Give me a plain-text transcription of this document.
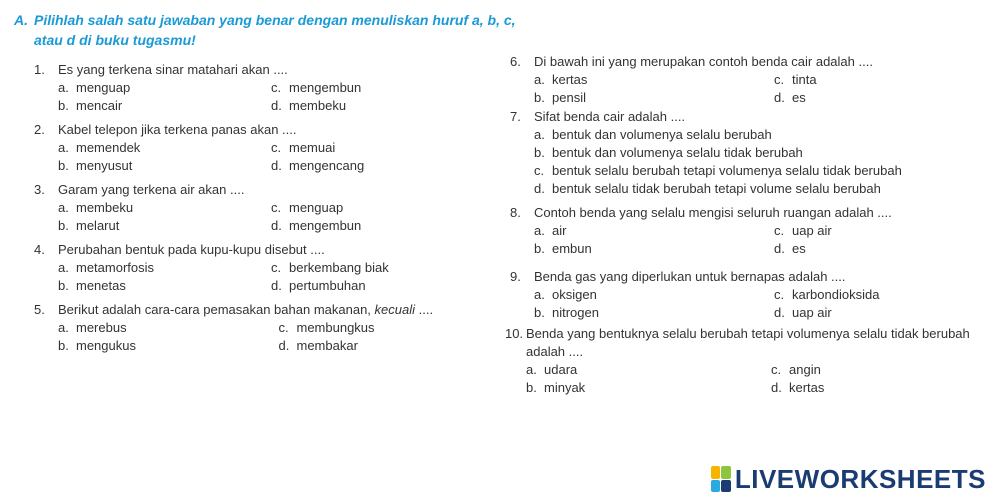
A. Pilihlah salah satu jawaban yang benar dengan menuliskan huruf a, b, c, atau d di buku tugasmu!
1. Es yang terkena sinar matahari akan ....
a. menguap	c. mengembun
b. mencair	d. membeku
2. Kabel telepon jika terkena panas akan ....
a. memendek	c. memuai
b. menyusut	d. mengencang
3. Garam yang terkena air akan ....
a. membeku	c. menguap
b. melarut	d. mengembun
4. Perubahan bentuk pada kupu-kupu disebut ....
a. metamorfosis	c. berkembang biak
b. menetas	d. pertumbuhan
5. Berikut adalah cara-cara pemasakan bahan makanan, kecuali ....
a. merebus	c. membungkus
b. mengukus	d. membakar
6. Di bawah ini yang merupakan contoh benda cair adalah ....
a. kertas	c. tinta
b. pensil	d. es
7. Sifat benda cair adalah ....
a. bentuk dan volumenya selalu berubah
b. bentuk dan volumenya selalu tidak berubah
c. bentuk selalu berubah tetapi volumenya selalu tidak berubah
d. bentuk selalu tidak berubah tetapi volume selalu berubah
8. Contoh benda yang selalu mengisi seluruh ruangan adalah ....
a. air	c. uap air
b. embun	d. es
9. Benda gas yang diperlukan untuk bernapas adalah ....
a. oksigen	c. karbondioksida
b. nitrogen	d. uap air
10. Benda yang bentuknya selalu berubah tetapi volumenya selalu tidak berubah adalah ....
a. udara	c. angin
b. minyak	d. kertas
LIVEWORKSHEETS
